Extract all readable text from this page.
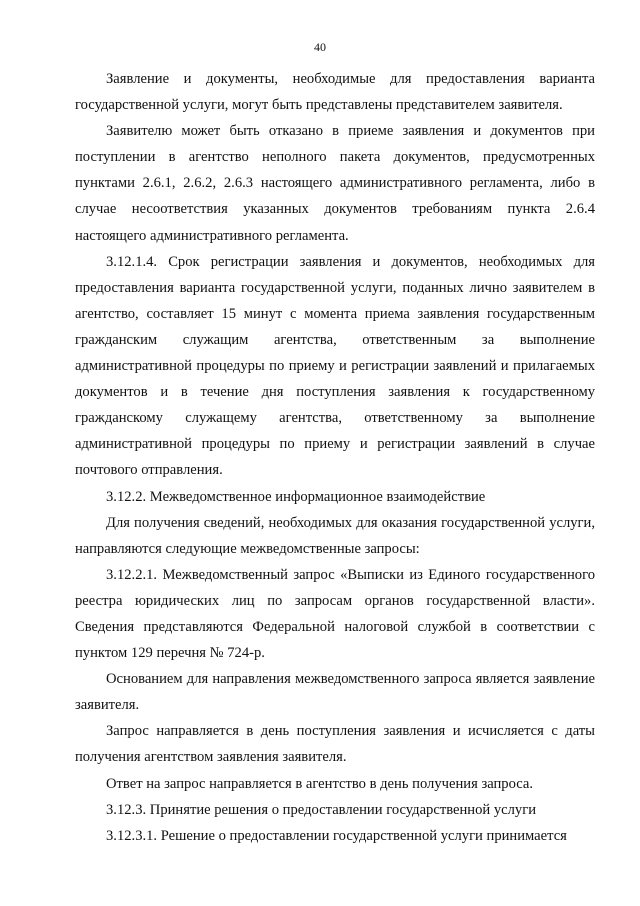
40

Заявление и документы, необходимые для предоставления варианта государственной услуги, могут быть представлены представителем заявителя.

Заявителю может быть отказано в приеме заявления и документов при поступлении в агентство неполного пакета документов, предусмотренных пунктами 2.6.1, 2.6.2, 2.6.3 настоящего административного регламента, либо в случае несоответствия указанных документов требованиям пункта 2.6.4 настоящего административного регламента.

3.12.1.4. Срок регистрации заявления и документов, необходимых для предоставления варианта государственной услуги, поданных лично заявителем в агентство, составляет 15 минут с момента приема заявления государственным гражданским служащим агентства, ответственным за выполнение административной процедуры по приему и регистрации заявлений и прилагаемых документов и в течение дня поступления заявления к государственному гражданскому служащему агентства, ответственному за выполнение административной процедуры по приему и регистрации заявлений в случае почтового отправления.

3.12.2. Межведомственное информационное взаимодействие

Для получения сведений, необходимых для оказания государственной услуги, направляются следующие межведомственные запросы:

3.12.2.1. Межведомственный запрос «Выписки из Единого государственного реестра юридических лиц по запросам органов государственной власти». Сведения представляются Федеральной налоговой службой в соответствии с пунктом 129 перечня № 724-р.

Основанием для направления межведомственного запроса является заявление заявителя.

Запрос направляется в день поступления заявления и исчисляется с даты получения агентством заявления заявителя.

Ответ на запрос направляется в агентство в день получения запроса.

3.12.3. Принятие решения о предоставлении государственной услуги

3.12.3.1. Решение о предоставлении государственной услуги принимается
